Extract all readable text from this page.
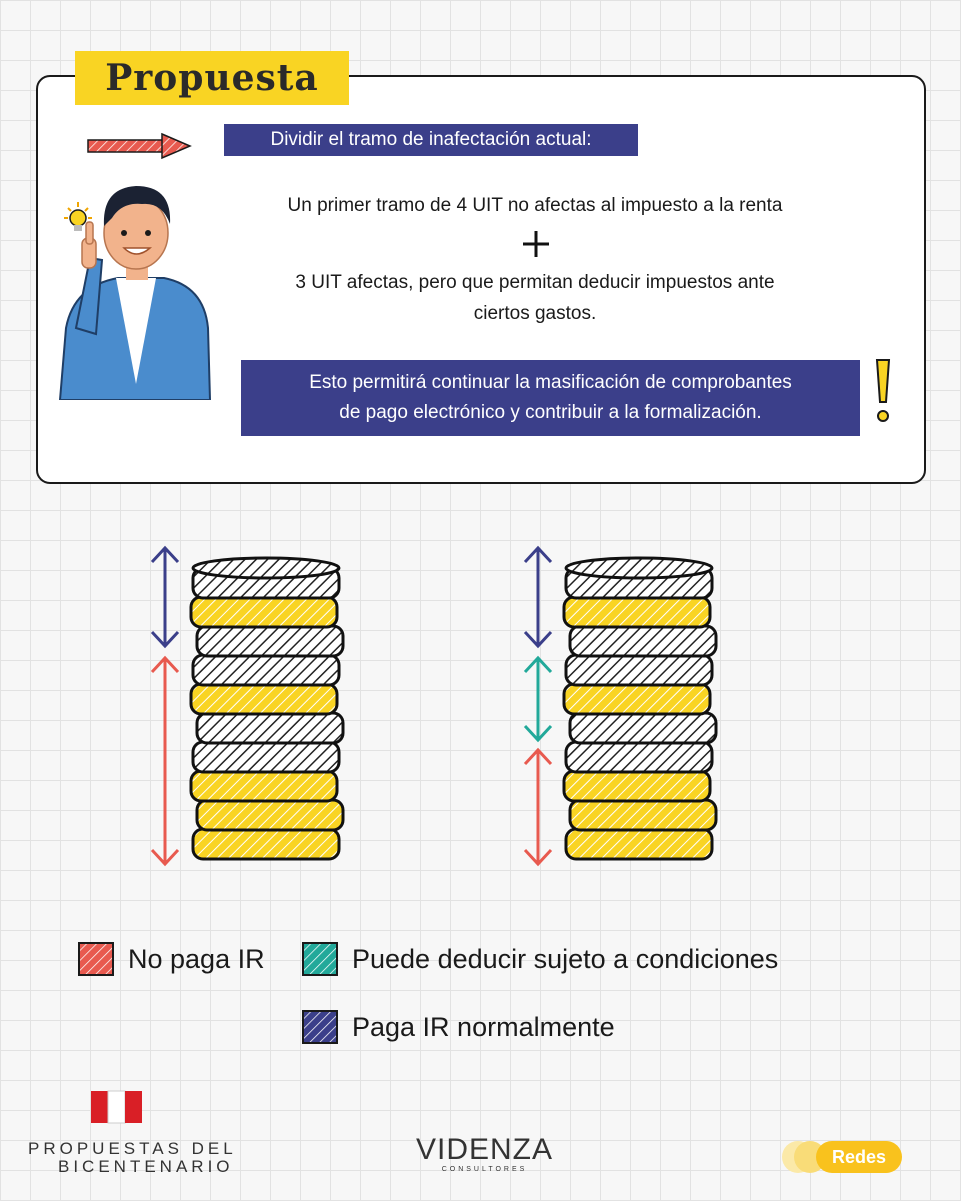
Propuesta
Dividir el tramo de inafectación actual:
Un primer tramo de 4 UIT no afectas al impuesto a la renta
3 UIT afectas, pero que permitan deducir impuestos ante
ciertos gastos.
Esto permitirá continuar la masificación de comprobantes
de pago electrónico y contribuir a la formalización.
No paga IR	Puede deducir sujeto a condiciones
Paga IR normalmente
PROPUESTAS DEL
BICENTENARIO
VIDENZA
CONSULTORES
Redes
